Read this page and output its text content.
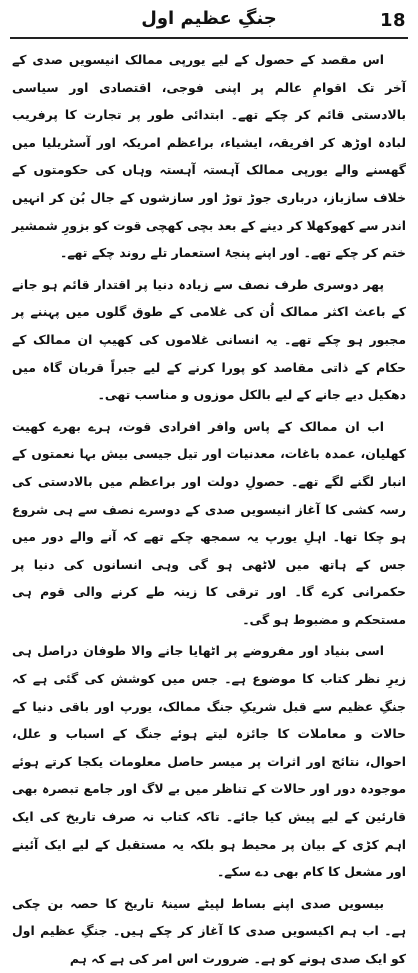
جنگِ عظیم اول	18

اس مقصد کے حصول کے لیے یورپی ممالک انیسویں صدی کے آخر تک اقوامِ عالم پر اپنی فوجی، اقتصادی اور سیاسی بالادستی قائم کر چکے تھے۔ ابتدائی طور پر تجارت کا پرفریب لبادہ اوڑھ کر افریقہ، ایشیاء، براعظم امریکہ اور آسٹریلیا میں گھسنے والے یورپی ممالک آہستہ آہستہ وہاں کی حکومتوں کے خلاف سازباز، درباری جوڑ توڑ اور سازشوں کے جال بُن کر انہیں اندر سے کھوکھلا کر دینے کے بعد بچی کھچی قوت کو بزورِ شمشیر ختم کر چکے تھے۔ اور اپنے پنجۂ استعمار تلے روند چکے تھے۔

پھر دوسری طرف نصف سے زیادہ دنیا پر اقتدار قائم ہو جانے کے باعث اکثر ممالک اُن کی غلامی کے طوق گلوں میں پہننے پر مجبور ہو چکے تھے۔ یہ انسانی غلاموں کی کھیپ ان ممالک کے حکام کے ذاتی مقاصد کو پورا کرنے کے لیے جبراً قربان گاہ میں دھکیل دیے جانے کے لیے بالکل موزوں و مناسب تھی۔

اب ان ممالک کے پاس وافر افرادی قوت، ہرے بھرے کھیت کھلیان، عمدہ باغات، معدنیات اور تیل جیسی بیش بہا نعمتوں کے انبار لگنے لگے تھے۔ حصولِ دولت اور براعظم میں بالادستی کی رسہ کشی کا آغاز انیسویں صدی کے دوسرے نصف سے ہی شروع ہو چکا تھا۔ اہلِ یورپ یہ سمجھ چکے تھے کہ آنے والے دور میں جس کے ہاتھ میں لاٹھی ہو گی وہی انسانوں کی دنیا پر حکمرانی کرے گا۔ اور ترقی کا زینہ طے کرنے والی قوم ہی مستحکم و مضبوط ہو گی۔

اسی بنیاد اور مفروضے پر اٹھایا جانے والا طوفان دراصل ہی زیرِ نظر کتاب کا موضوع ہے۔ جس میں کوشش کی گئی ہے کہ جنگِ عظیم سے قبل شریکِ جنگ ممالک، یورپ اور باقی دنیا کے حالات و معاملات کا جائزہ لیتے ہوئے جنگ کے اسباب و علل، احوال، نتائج اور اثرات پر میسر حاصل معلومات یکجا کرتے ہوئے موجودہ دور اور حالات کے تناظر میں بے لاگ اور جامع تبصرہ بھی قارئین کے لیے پیش کیا جائے۔ تاکہ کتاب نہ صرف تاریخ کی ایک اہم کڑی کے بیان پر محیط ہو بلکہ یہ مستقبل کے لیے ایک آئینے اور مشعل کا کام بھی دے سکے۔

بیسویں صدی اپنے بساط لپیٹے سینۂ تاریخ کا حصہ بن چکی ہے۔ اب ہم اکیسویں صدی کا آغاز کر چکے ہیں۔ جنگِ عظیم اول کو ایک صدی ہونے کو ہے۔ ضرورت اس امر کی ہے کہ ہم
